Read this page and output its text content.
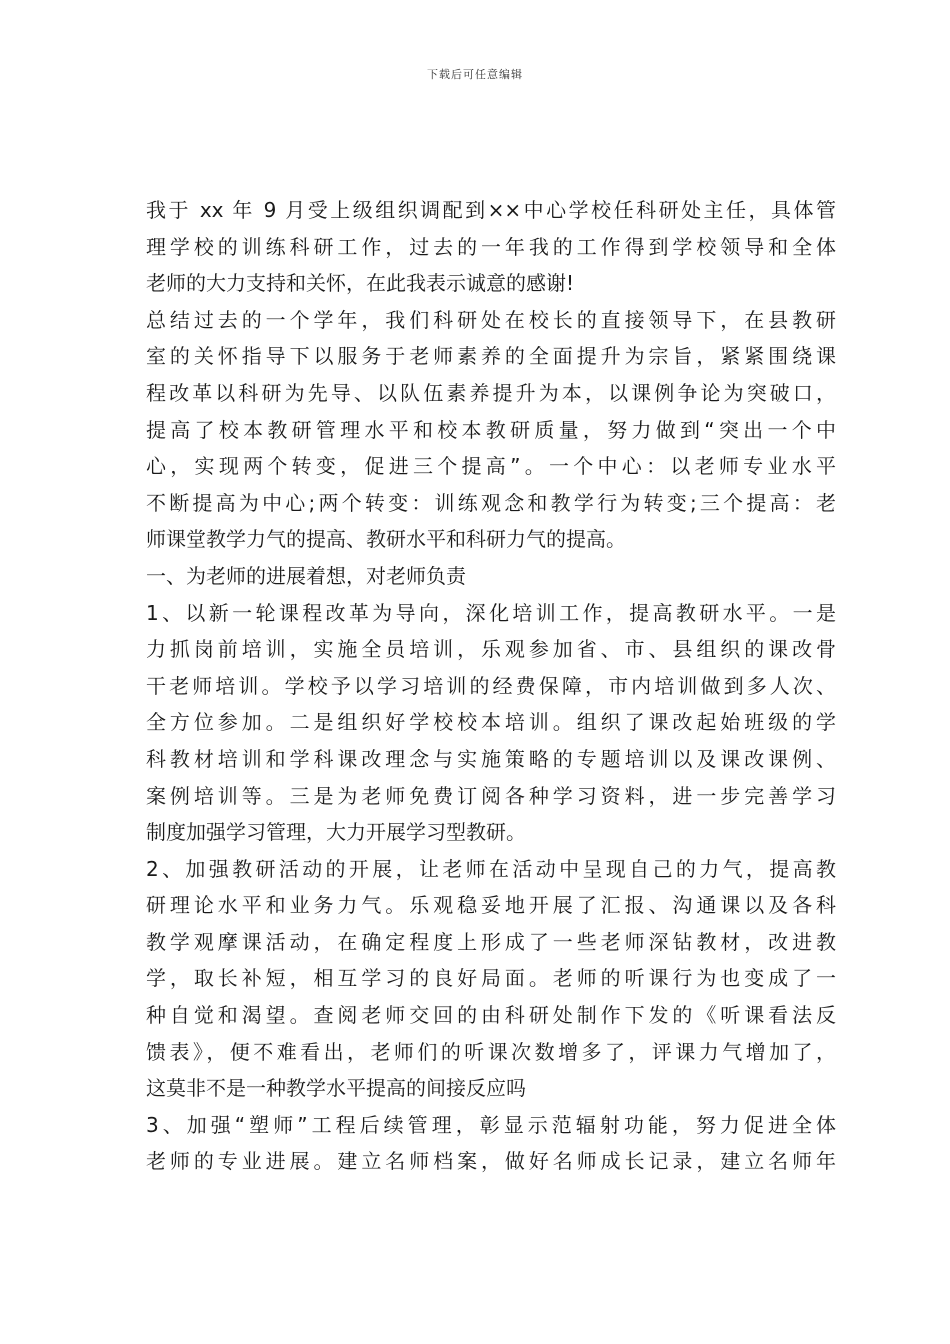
下载后可任意编辑
我于 xx 年 9 月受上级组织调配到××中心学校任科研处主任，具体管
理学校的训练科研工作，过去的一年我的工作得到学校领导和全体
老师的大力支持和关怀，在此我表示诚意的感谢!
总结过去的一个学年，我们科研处在校长的直接领导下，在县教研
室的关怀指导下以服务于老师素养的全面提升为宗旨，紧紧围绕课
程改革以科研为先导、以队伍素养提升为本，以课例争论为突破口，
提高了校本教研管理水平和校本教研质量，努力做到“突出一个中
心，实现两个转变，促进三个提高”。一个中心：以老师专业水平
不断提高为中心;两个转变：训练观念和教学行为转变;三个提高：老
师课堂教学力气的提高、教研水平和科研力气的提高。
一、为老师的进展着想，对老师负责
1、以新一轮课程改革为导向，深化培训工作，提高教研水平。一是
力抓岗前培训，实施全员培训，乐观参加省、市、县组织的课改骨
干老师培训。学校予以学习培训的经费保障，市内培训做到多人次、
全方位参加。二是组织好学校校本培训。组织了课改起始班级的学
科教材培训和学科课改理念与实施策略的专题培训以及课改课例、
案例培训等。三是为老师免费订阅各种学习资料，进一步完善学习
制度加强学习管理，大力开展学习型教研。
2、加强教研活动的开展，让老师在活动中呈现自己的力气，提高教
研理论水平和业务力气。乐观稳妥地开展了汇报、沟通课以及各科
教学观摩课活动，在确定程度上形成了一些老师深钻教材，改进教
学，取长补短，相互学习的良好局面。老师的听课行为也变成了一
种自觉和渴望。查阅老师交回的由科研处制作下发的《听课看法反
馈表》，便不难看出，老师们的听课次数增多了，评课力气增加了，
这莫非不是一种教学水平提高的间接反应吗
3、加强“塑师”工程后续管理，彰显示范辐射功能，努力促进全体
老师的专业进展。建立名师档案，做好名师成长记录，建立名师年
